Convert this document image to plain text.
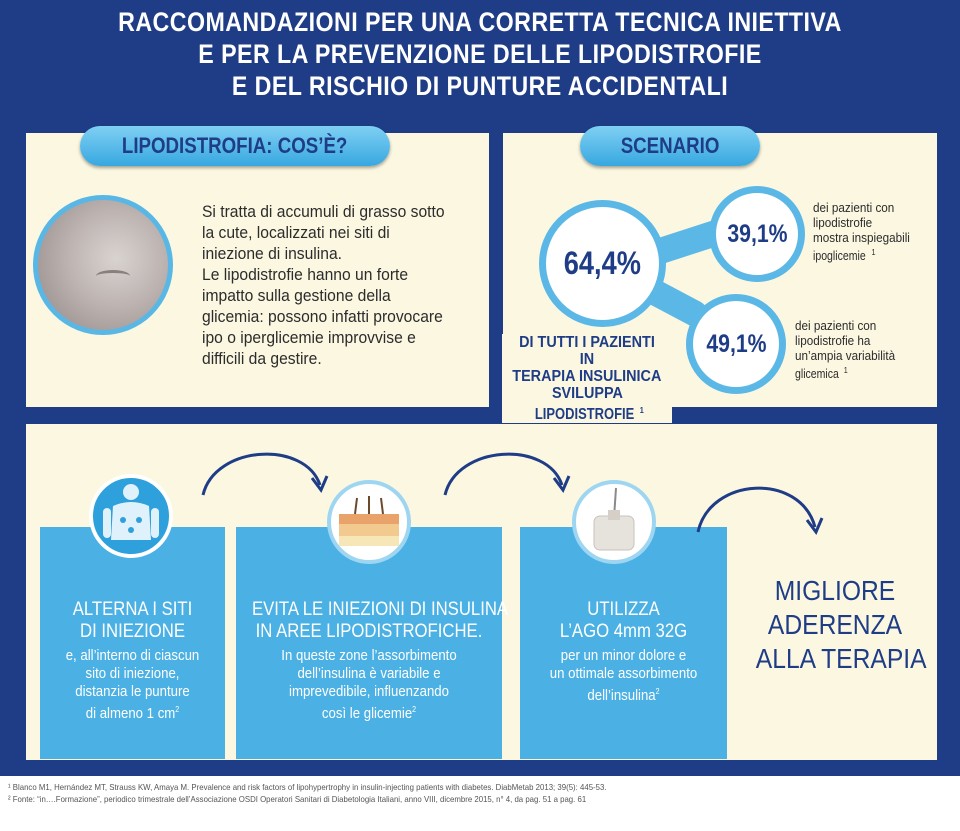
RACCOMANDAZIONI PER UNA CORRETTA TECNICA INIETTIVA
E PER LA PREVENZIONE DELLE LIPODISTROFIE
E DEL RISCHIO DI PUNTURE ACCIDENTALI
LIPODISTROFIA: COS’È?

Si tratta di accumuli di grasso sotto

la cute, localizzati nei siti di

iniezione di insulina.

Le lipodistrofie hanno un forte

impatto sulla gestione della

glicemia: possono infatti provocare

ipo o iperglicemie improvvise e

difficili da gestire.

SCENARIO
64,4%
39,1%
49,1%
DI TUTTI I PAZIENTI IN
TERAPIA INSULINICA
SVILUPPA
LIPODISTROFIE $^1$
dei pazienti con
lipodistrofie
mostra inspiegabili
ipoglicemie $^1$
dei pazienti con
lipodistrofie ha
un’ampia variabilità
glicemica $^1$
ALTERNA I SITI
DI INIEZIONE
e, all’interno di ciascun
sito di iniezione,
distanzia le punture
di almeno 1 $cm^2$
EVITA LE INIEZIONI DI INSULINA
IN AREE LIPODISTROFICHE.
In queste zone l’assorbimento
dell’insulina è variabile e
imprevedibile, influenzando
così le glicemie$^2$
UTILIZZA
L’AGO 4mm 32G
per un minor dolore e
un ottimale assorbimento
dell’insulina$^2$
MIGLIORE
ADERENZA
ALLA TERAPIA
¹ Blanco M1, Hernández MT, Strauss KW, Amaya M. Prevalence and risk factors of lipohypertrophy in insulin-injecting patients with diabetes. DiabMetab 2013; 39(5): 445-53.
² Fonte: “in….Formazione”, periodico trimestrale dell’Associazione OSDI Operatori Sanitari di Diabetologia Italiani, anno VIII, dicembre 2015, n° 4, da pag. 51 a pag. 61
